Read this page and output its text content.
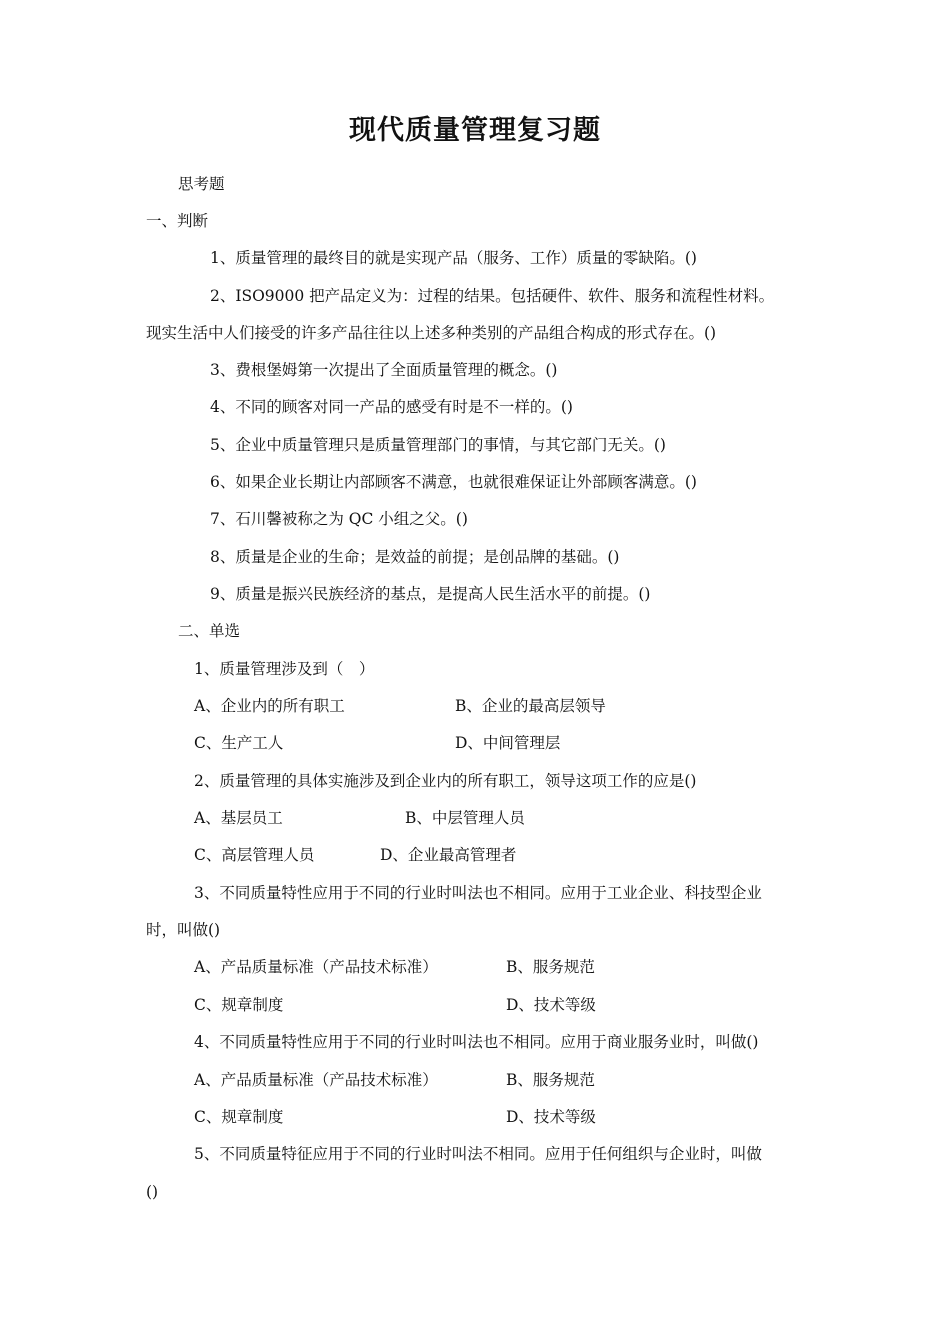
现代质量管理复习题
思考题
一、判断
1、质量管理的最终目的就是实现产品（服务、工作）质量的零缺陷。()
2、ISO9000 把产品定义为：过程的结果。包括硬件、软件、服务和流程性材料。
现实生活中人们接受的许多产品往往以上述多种类别的产品组合构成的形式存在。()
3、费根堡姆第一次提出了全面质量管理的概念。()
4、不同的顾客对同一产品的感受有时是不一样的。()
5、企业中质量管理只是质量管理部门的事情，与其它部门无关。()
6、如果企业长期让内部顾客不满意，也就很难保证让外部顾客满意。()
7、石川馨被称之为 QC 小组之父。()
8、质量是企业的生命；是效益的前提；是创品牌的基础。()
9、质量是振兴民族经济的基点，是提高人民生活水平的前提。()
二、单选
1、质量管理涉及到（　）
A、企业内的所有职工	B、企业的最高层领导
C、生产工人	D、中间管理层
2、质量管理的具体实施涉及到企业内的所有职工，领导这项工作的应是()
A、基层员工	B、中层管理人员
C、高层管理人员	D、企业最高管理者
3、不同质量特性应用于不同的行业时叫法也不相同。应用于工业企业、科技型企业
时，叫做()
A、产品质量标准（产品技术标准）	B、服务规范
C、规章制度	D、技术等级
4、不同质量特性应用于不同的行业时叫法也不相同。应用于商业服务业时，叫做()
A、产品质量标准（产品技术标准）	B、服务规范
C、规章制度	D、技术等级
5、不同质量特征应用于不同的行业时叫法不相同。应用于任何组织与企业时，叫做
()
